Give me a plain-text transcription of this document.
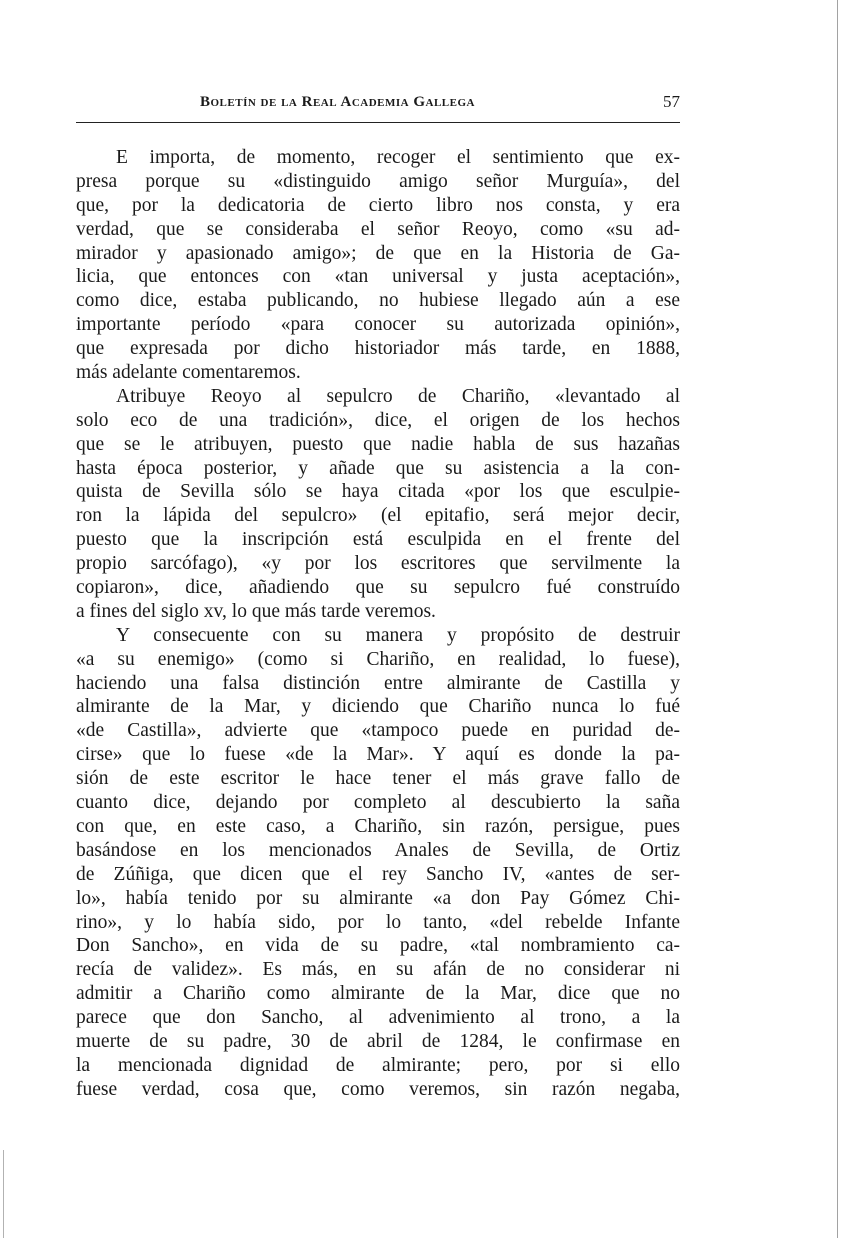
Boletín de la Real Academia Gallega	57
E importa, de momento, recoger el sentimiento que ex-
presa porque su «distinguido amigo señor Murguía», del
que, por la dedicatoria de cierto libro nos consta, y era
verdad, que se consideraba el señor Reoyo, como «su ad-
mirador y apasionado amigo»; de que en la Historia de Ga-
licia, que entonces con «tan universal y justa aceptación»,
como dice, estaba publicando, no hubiese llegado aún a ese
importante período «para conocer su autorizada opinión»,
que expresada por dicho historiador más tarde, en 1888,
más adelante comentaremos.
Atribuye Reoyo al sepulcro de Chariño, «levantado al
solo eco de una tradición», dice, el origen de los hechos
que se le atribuyen, puesto que nadie habla de sus hazañas
hasta época posterior, y añade que su asistencia a la con-
quista de Sevilla sólo se haya citada «por los que esculpie-
ron la lápida del sepulcro» (el epitafio, será mejor decir,
puesto que la inscripción está esculpida en el frente del
propio sarcófago), «y por los escritores que servilmente la
copiaron», dice, añadiendo que su sepulcro fué construído
a fines del siglo xv, lo que más tarde veremos.
Y consecuente con su manera y propósito de destruir
«a su enemigo» (como si Chariño, en realidad, lo fuese),
haciendo una falsa distinción entre almirante de Castilla y
almirante de la Mar, y diciendo que Chariño nunca lo fué
«de Castilla», advierte que «tampoco puede en puridad de-
cirse» que lo fuese «de la Mar». Y aquí es donde la pa-
sión de este escritor le hace tener el más grave fallo de
cuanto dice, dejando por completo al descubierto la saña
con que, en este caso, a Chariño, sin razón, persigue, pues
basándose en los mencionados Anales de Sevilla, de Ortiz
de Zúñiga, que dicen que el rey Sancho IV, «antes de ser-
lo», había tenido por su almirante «a don Pay Gómez Chi-
rino», y lo había sido, por lo tanto, «del rebelde Infante
Don Sancho», en vida de su padre, «tal nombramiento ca-
recía de validez». Es más, en su afán de no considerar ni
admitir a Chariño como almirante de la Mar, dice que no
parece que don Sancho, al advenimiento al trono, a la
muerte de su padre, 30 de abril de 1284, le confirmase en
la mencionada dignidad de almirante; pero, por si ello
fuese verdad, cosa que, como veremos, sin razón negaba,
